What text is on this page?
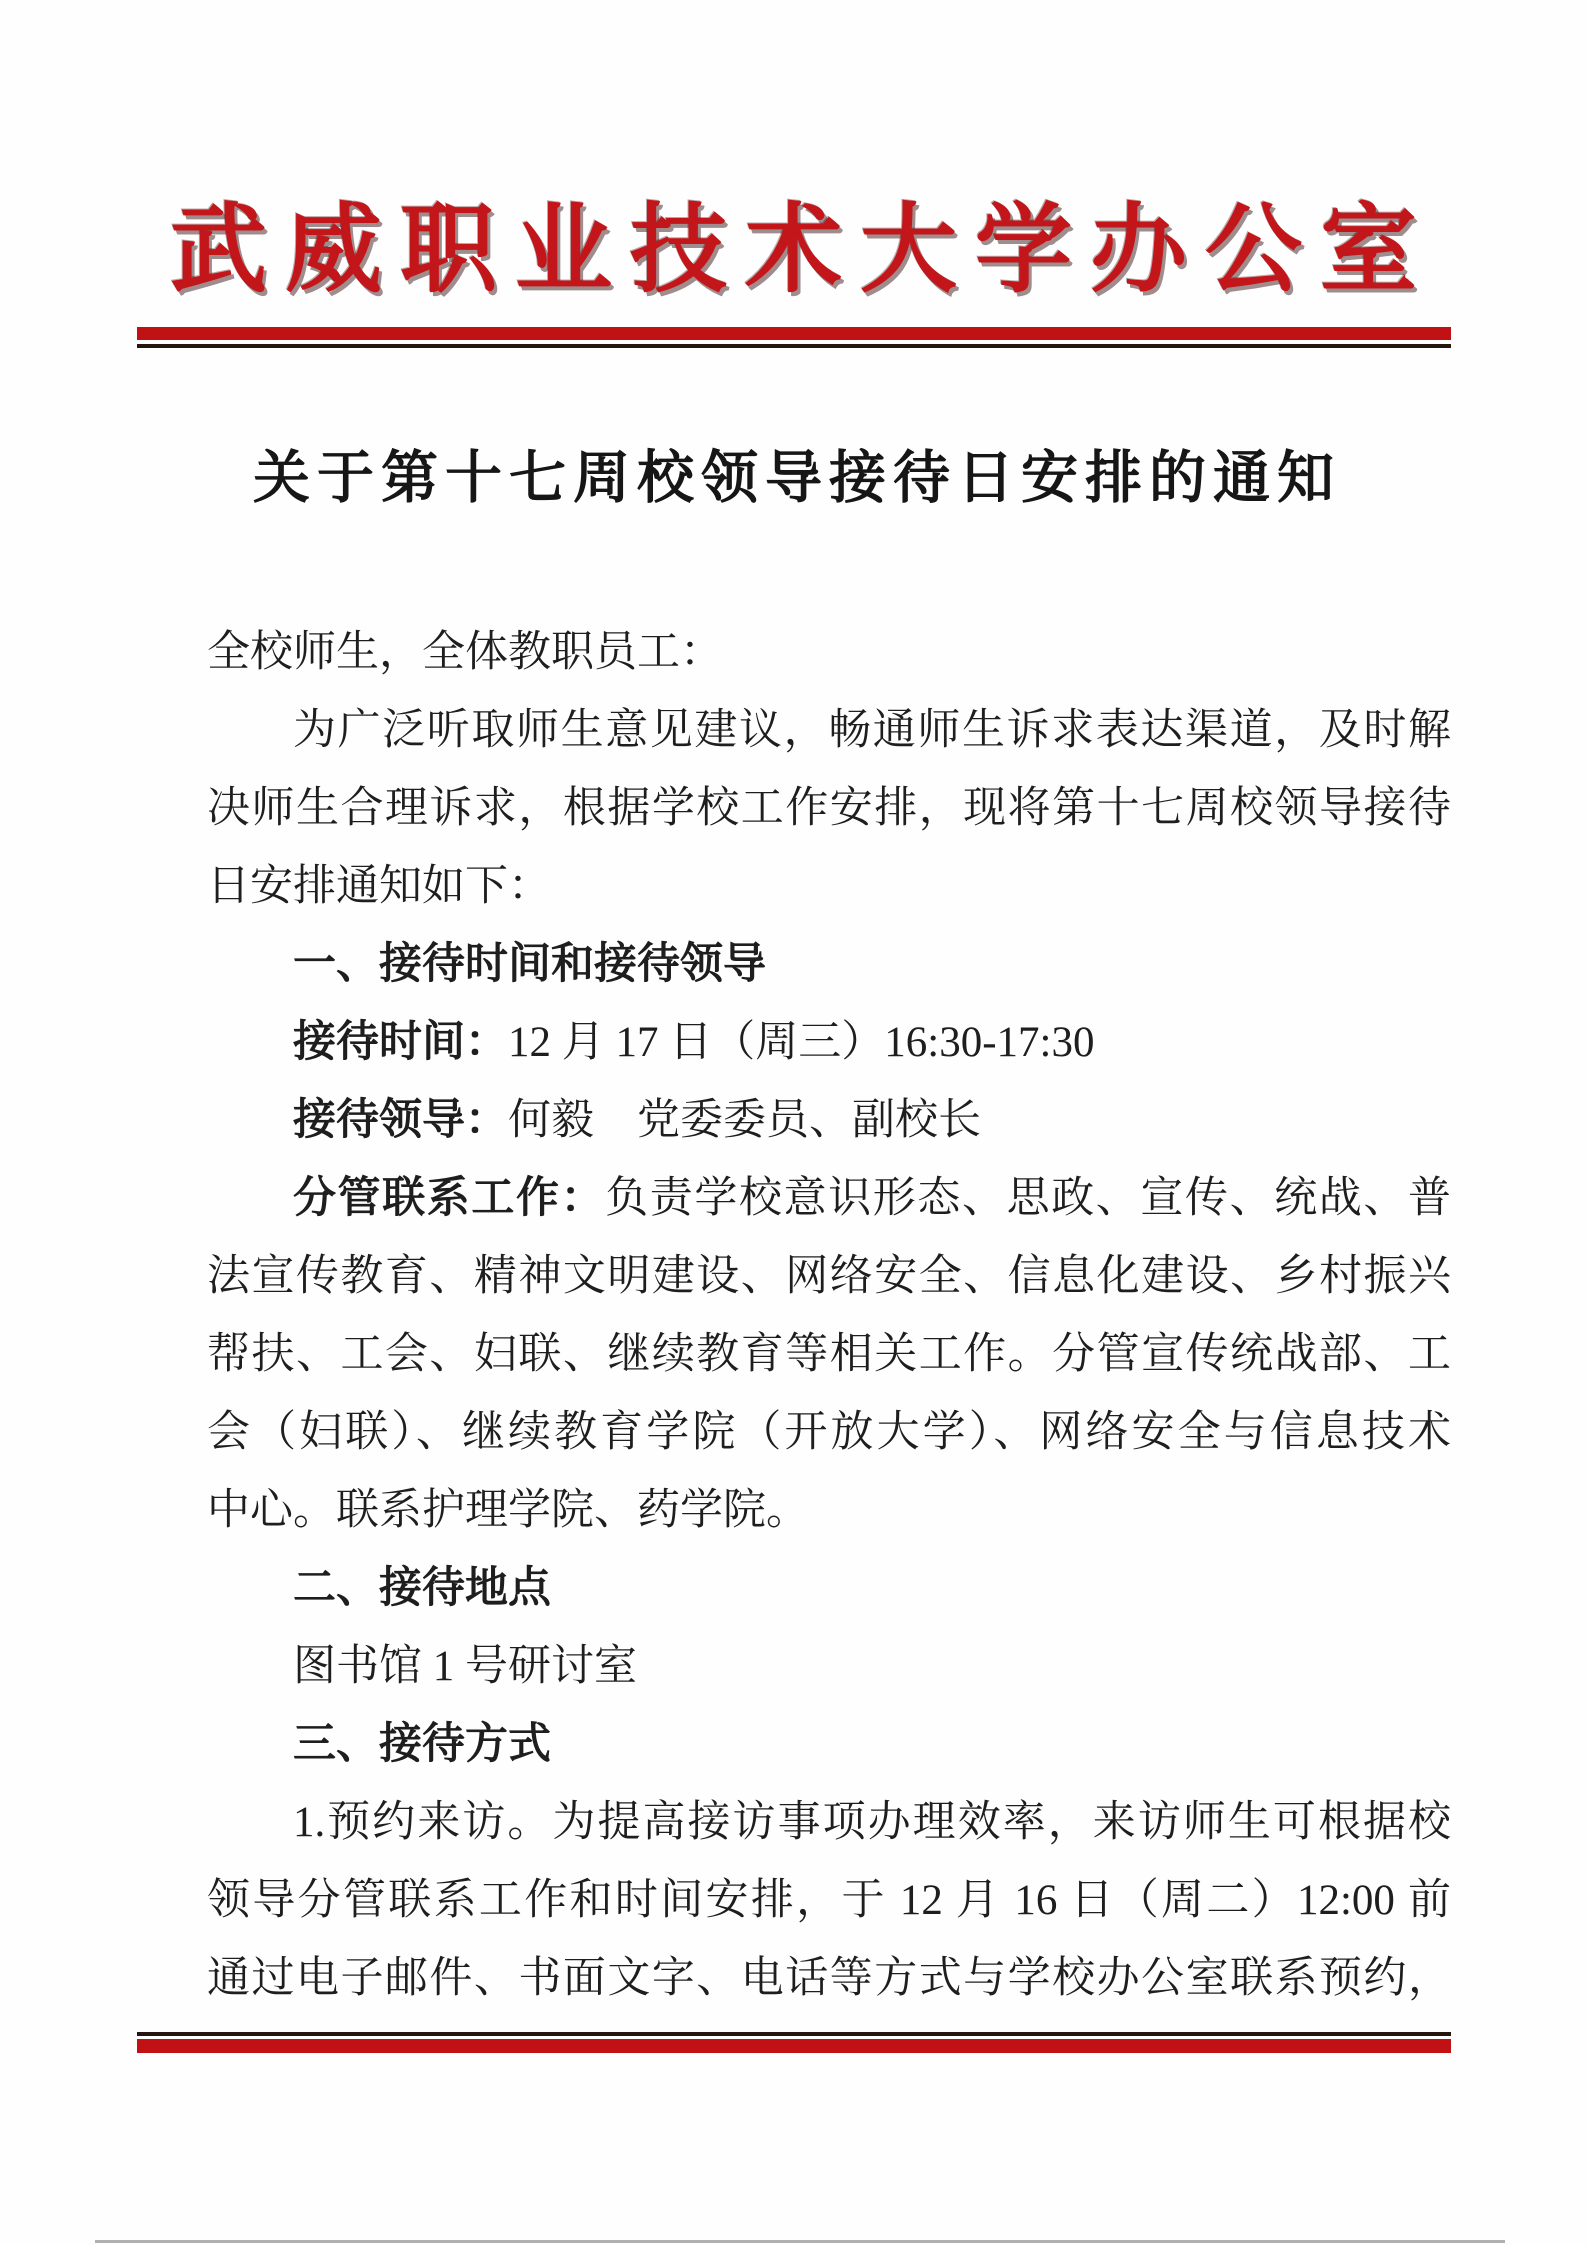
武威职业技术大学办公室
关于第十七周校领导接待日安排的通知
全校师生，全体教职员工：
为广泛听取师生意见建议，畅通师生诉求表达渠道，及时解
决师生合理诉求，根据学校工作安排，现将第十七周校领导接待
日安排通知如下：
一、接待时间和接待领导
接待时间：12 月 17 日（周三）16:30-17:30
接待领导：何毅　党委委员、副校长
分管联系工作：负责学校意识形态、思政、宣传、统战、普
法宣传教育、精神文明建设、网络安全、信息化建设、乡村振兴
帮扶、工会、妇联、继续教育等相关工作。分管宣传统战部、工
会（妇联）、继续教育学院（开放大学）、网络安全与信息技术
中心。联系护理学院、药学院。
二、接待地点
图书馆 1 号研讨室
三、接待方式
1.预约来访。为提高接访事项办理效率，来访师生可根据校
领导分管联系工作和时间安排，于 12 月 16 日（周二）12:00 前
通过电子邮件、书面文字、电话等方式与学校办公室联系预约，
